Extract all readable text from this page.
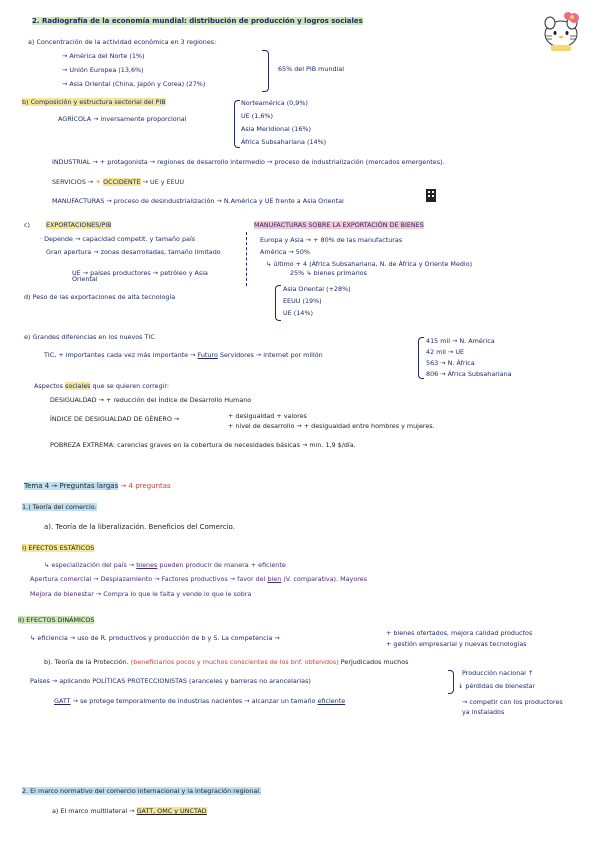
2. Radiografía de la economía mundial: distribución de producción y logros sociales
a) Concentración de la actividad económica en 3 regiones:
→ América del Norte (1%)
→ Unión Europea (13,6%)
→ Asia Oriental (China, Japón y Corea) (27%)
65% del PIB mundial
b) Composición y estructura sectorial del PIB
AGRÍCOLA → inversamente proporcional
Norteamérica (0,9%)
UE (1,6%)
Asia Meridional (16%)
África Subsahariana (14%)
INDUSTRIAL → + protagonista → regiones de desarrollo intermedio → proceso de industrialización (mercados emergentes).
SERVICIOS → ☀ OCCIDENTE → UE y EEUU
MANUFACTURAS → proceso de desindustrialización → N.América y UE frente a Asia Oriental
c) EXPORTACIONES/PIB
· Depende → capacidad competit. y tamaño país
Gran apertura → zonas desarrolladas, tamaño limitado
UE → países productores → petróleo y Asia Oriental
MANUFACTURAS SOBRE LA EXPORTACIÓN DE BIENES
Europa y Asia → + 80% de las manufacturas
América → 50%
↳ último + 4 (África Subsahariana, N. de África y Oriente Medio)
25% ↳ bienes primarios
d) Peso de las exportaciones de alta tecnología
Asia Oriental (+28%)
EEUU (19%)
UE (14%)
e) Grandes diferencias en los nuevos TIC
TIC, + importantes cada vez más importante → Futuro Servidores → internet por millón
415 mil → N. América
42 mil → UE
563 → N. África
806 → África Subsahariana
Aspectos sociales que se quieren corregir:
DESIGUALDAD → + reducción del Índice de Desarrollo Humano
ÍNDICE DE DESIGUALDAD DE GÉNERO →	+ desigualdad + valores
+ nivel de desarrollo → + desigualdad entre hombres y mujeres.
POBREZA EXTREMA: carencias graves en la cobertura de necesidades básicas → min. 1,9 $/día.
Tema 4 → Preguntas largas → 4 preguntas
1.) Teoría del comercio.
a). Teoría de la liberalización. Beneficios del Comercio.
I) EFECTOS ESTÁTICOS
↳ especialización del país → bienes pueden producir de manera + eficiente
Apertura comercial → Desplazamiento → Factores productivos → favor del bien (V. comparativa). Mayores
Mejora de bienestar → Compra lo que le falta y vende lo que le sobra
II) EFECTOS DINÁMICOS
↳ eficiencia → uso de R. productivos y producción de b y S. La competencia →
+ bienes ofertados, mejora calidad productos
+ gestión empresarial y nuevas tecnologías
b). Teoría de la Protección. (beneficiarios pocos y muchos conscientes de los bnf. obtenidos) Perjudicados muchos
Países → aplicando POLÍTICAS PROTECCIONISTAS (aranceles y barreras no arancelarias)
Producción nacional ↑
↓ pérdidas de bienestar
GATT → se protege temporalmente de industrias nacientes → alcanzar un tamaño eficiente	→ competir con los productores ya instalados
2. El marco normativo del comercio internacional y la integración regional.
a) El marco multilateral → GATT, OMC y UNCTAD
